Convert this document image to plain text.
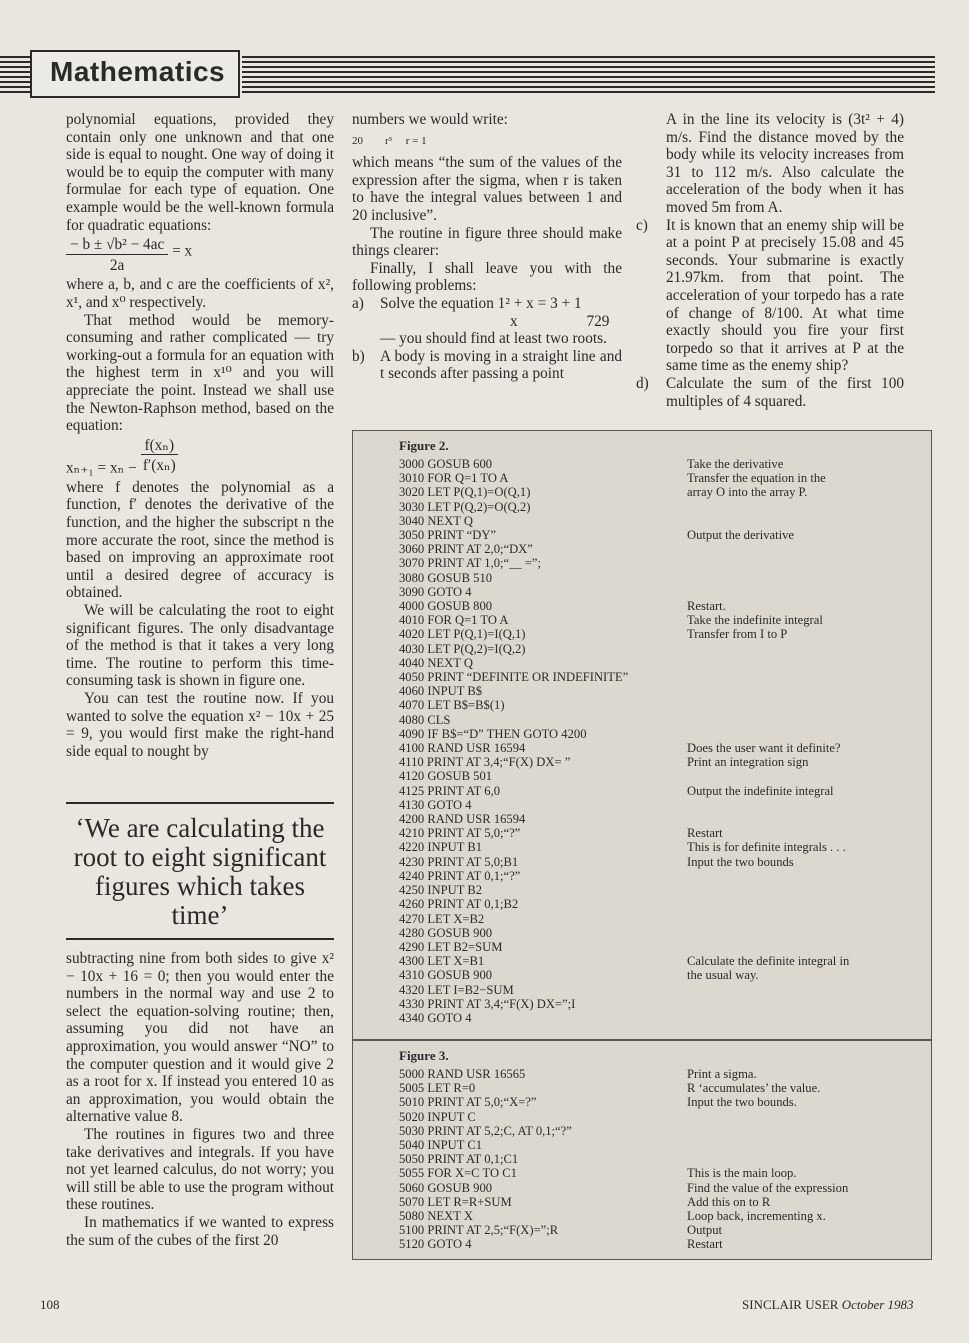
Mathematics

polynomial equations, provided they contain only one unknown and that one side is equal to nought. One way of doing it would be to equip the computer with many formulae for each type of equation. One example would be the well-known formula for quadratic equations:

$\frac{\text{− b ± √b² − 4ac}}{2a} = x$

where a, b, and c are the coefficients of x², x¹, and x⁰ respectively.

That method would be memory-consuming and rather complicated — try working-out a formula for an equation with the highest term in x¹⁰ and you will appreciate the point. Instead we shall use the Newton-Raphson method, based on the equation:

$x_{n+1} = x_n - \frac{\text{f(xₙ)}}{\text{f′(xₙ)}}$

where f denotes the polynomial as a function, f′ denotes the derivative of the function, and the higher the subscript n the more accurate the root, since the method is based on improving an approximate root until a desired degree of accuracy is obtained.

We will be calculating the root to eight significant figures. The only disadvantage of the method is that it takes a very long time. The routine to perform this time-consuming task is shown in figure one.

You can test the routine now. If you wanted to solve the equation x² − 10x + 25 = 9, you would first make the right-hand side equal to nought by

‘We are calculating the root to eight significant figures which takes time’

subtracting nine from both sides to give x² − 10x + 16 = 0; then you would enter the numbers in the normal way and use 2 to select the equation-solving routine; then, assuming you did not have an approximation, you would answer “NO” to the computer question and it would give 2 as a root for x. If instead you entered 10 as an approximation, you would obtain the alternative value 8.

The routines in figures two and three take derivatives and integrals. If you have not yet learned calculus, do not worry; you will still be able to use the program without these routines.

In mathematics if we wanted to express the sum of the cubes of the first 20

numbers we would write:

20        r³     r = 1

which means “the sum of the values of the expression after the sigma, when r is taken to have the integral values between 1 and 20 inclusive”.

The routine in figure three should make things clearer:

Finally, I shall leave you with the following problems:

a) Solve the equation 1² + x = 3 + 1

x                  729

— you should find at least two roots.

b) A body is moving in a straight line and t seconds after passing a point

A in the line its velocity is (3t² + 4) m/s. Find the distance moved by the body while its velocity increases from 31 to 112 m/s. Also calculate the acceleration of the body when it has moved 5m from A.

c) It is known that an enemy ship will be at a point P at precisely 15.08 and 45 seconds. Your submarine is exactly 21.97km. from that point. The acceleration of your torpedo has a rate of change of 8/100. At what time exactly should you fire your first torpedo so that it arrives at P at the same time as the enemy ship?

d) Calculate the sum of the first 100 multiples of 4 squared.

Figure 2.
3000 GOSUB 600
3010 FOR Q=1 TO A
3020 LET P(Q,1)=O(Q,1)
3030 LET P(Q,2)=O(Q,2)
3040 NEXT Q
3050 PRINT “DY”
3060 PRINT AT 2,0;“DX”
3070 PRINT AT 1,0;“__ =”;
3080 GOSUB 510
3090 GOTO 4
4000 GOSUB 800
4010 FOR Q=1 TO A
4020 LET P(Q,1)=I(Q,1)
4030 LET P(Q,2)=I(Q,2)
4040 NEXT Q
4050 PRINT “DEFINITE OR INDEFINITE”
4060 INPUT B$
4070 LET B$=B$(1)
4080 CLS
4090 IF B$=“D” THEN GOTO 4200
4100 RAND USR 16594
4110 PRINT AT 3,4;“F(X) DX= ”
4120 GOSUB 501
4125 PRINT AT 6,0
4130 GOTO 4
4200 RAND USR 16594
4210 PRINT AT 5,0;“?”
4220 INPUT B1
4230 PRINT AT 5,0;B1
4240 PRINT AT 0,1;“?”
4250 INPUT B2
4260 PRINT AT 0,1;B2
4270 LET X=B2
4280 GOSUB 900
4290 LET B2=SUM
4300 LET X=B1
4310 GOSUB 900
4320 LET I=B2−SUM
4330 PRINT AT 3,4;“F(X) DX=”;I
4340 GOTO 4
Take the derivative
Transfer the equation in the
array O into the array P.

Output the derivative

Restart.
Take the indefinite integral
Transfer from I to P

Does the user want it definite?
Print an integration sign

Output the indefinite integral

Restart
This is for definite integrals . . .
Input the two bounds

Calculate the definite integral in
the usual way.

Figure 3.
5000 RAND USR 16565
5005 LET R=0
5010 PRINT AT 5,0;“X=?”
5020 INPUT C
5030 PRINT AT 5,2;C, AT 0,1;“?”
5040 INPUT C1
5050 PRINT AT 0,1;C1
5055 FOR X=C TO C1
5060 GOSUB 900
5070 LET R=R+SUM
5080 NEXT X
5100 PRINT AT 2,5;“F(X)=”;R
5120 GOTO 4
Print a sigma.
R ‘accumulates’ the value.
Input the two bounds.

This is the main loop.
Find the value of the expression
Add this on to R
Loop back, incrementing x.
Output
Restart
108	SINCLAIR USER October 1983
